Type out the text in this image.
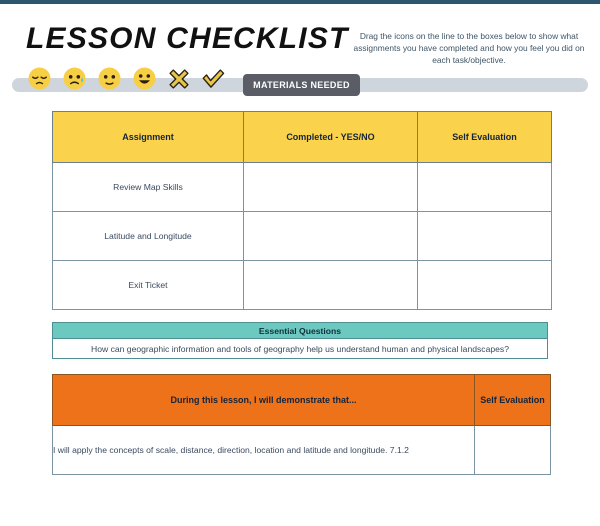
LESSON CHECKLIST	Drag the icons on the line to the boxes below to show what assignments you have completed and how you feel you did on each task/objective.
MATERIALS NEEDED
Assignment	Completed - YES/NO	Self Evaluation
Review Map Skills		
Latitude and Longitude		
Exit Ticket		
Essential Questions
How can geographic information and tools of geography help us understand human and physical landscapes?
During this lesson, I will demonstrate that...	Self Evaluation
I will apply the concepts of scale, distance, direction, location and latitude and longitude. 7.1.2	
